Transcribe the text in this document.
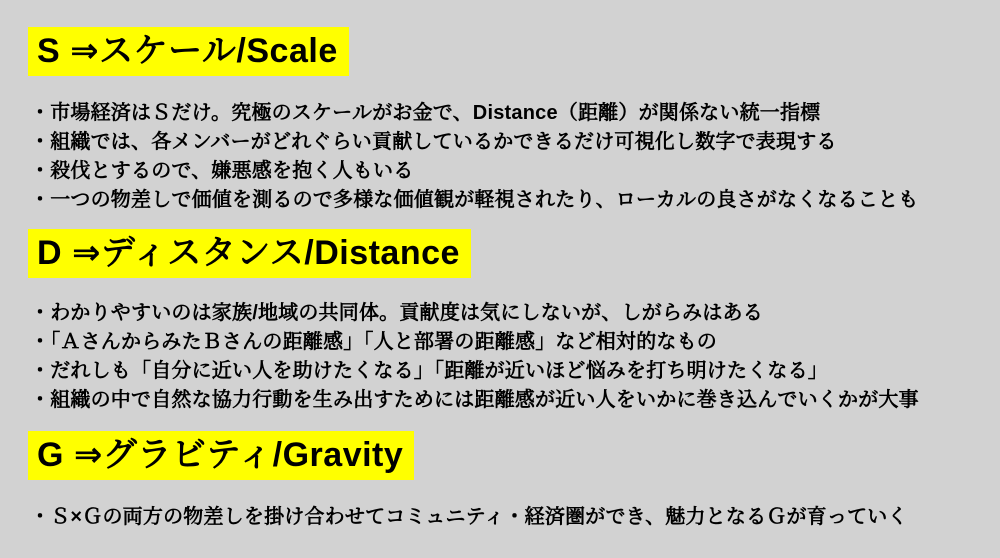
S ⇒スケール/Scale
・市場経済はＳだけ。究極のスケールがお金で、Distance（距離）が関係ない統一指標
・組織では、各メンバーがどれぐらい貢献しているかできるだけ可視化し数字で表現する
・殺伐とするので、嫌悪感を抱く人もいる
・一つの物差しで価値を測るので多様な価値観が軽視されたり、ローカルの良さがなくなることも
D ⇒ディスタンス/Distance
・わかりやすいのは家族/地域の共同体。貢献度は気にしないが、しがらみはある
・「ＡさんからみたＢさんの距離感」「人と部署の距離感」など相対的なもの
・だれしも「自分に近い人を助けたくなる」「距離が近いほど悩みを打ち明けたくなる」
・組織の中で自然な協力行動を生み出すためには距離感が近い人をいかに巻き込んでいくかが大事
G ⇒グラビティ/Gravity
・Ｓ×Ｇの両方の物差しを掛け合わせてコミュニティ・経済圏ができ、魅力となるＧが育っていく
